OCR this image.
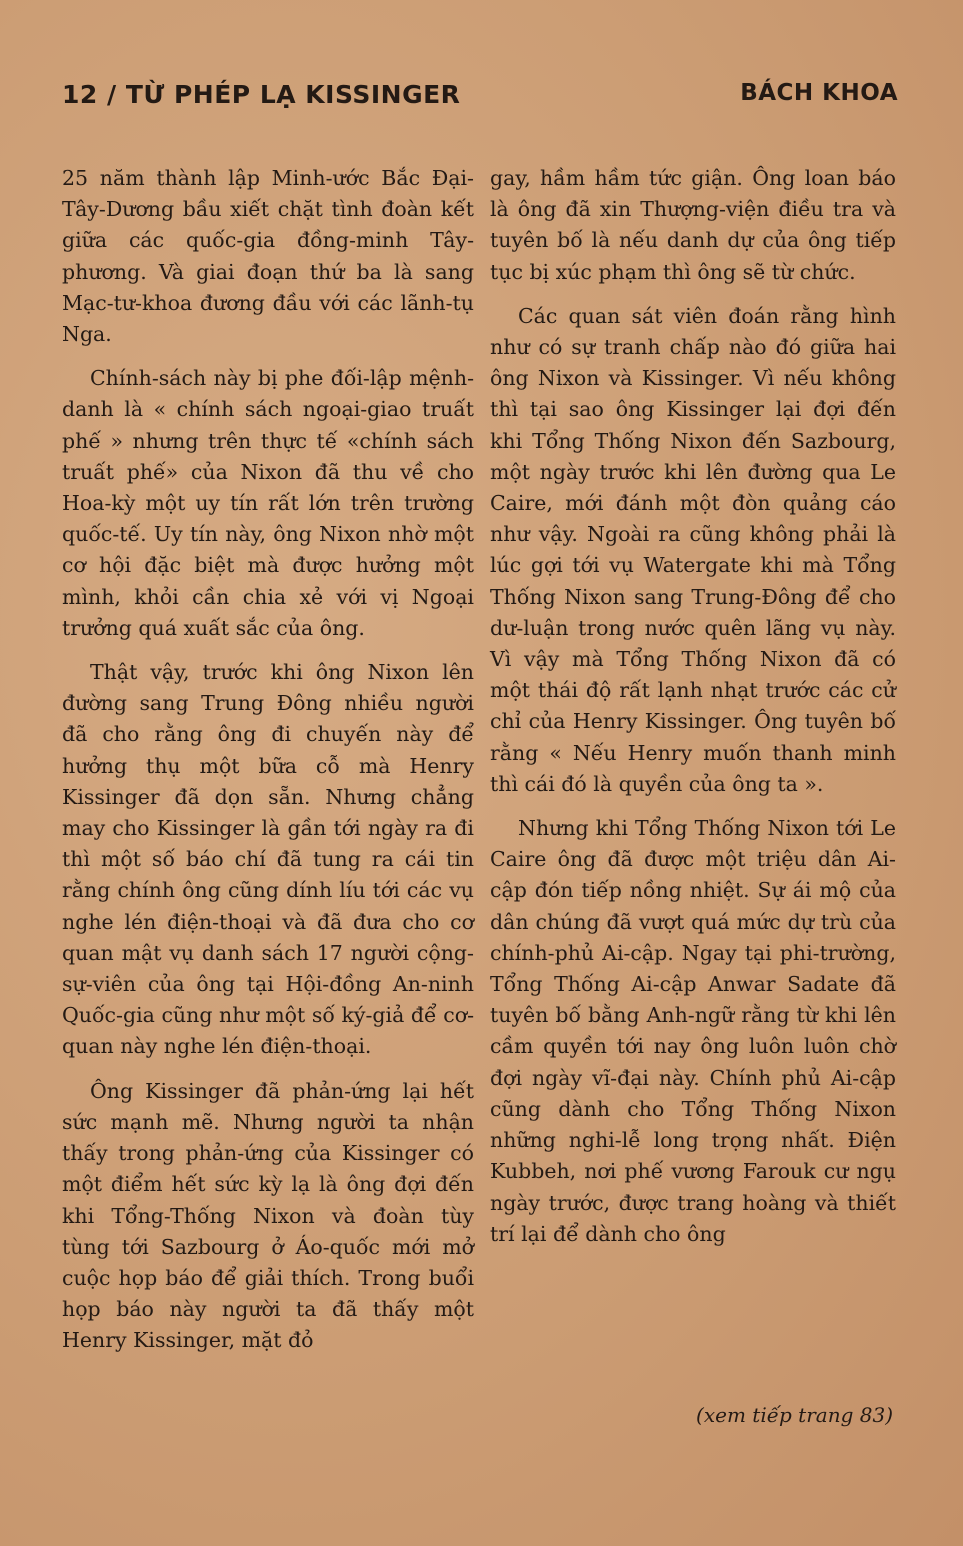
12 / TỪ PHÉP LẠ KISSINGER	BÁCH KHOA

25 năm thành lập Minh-ước Bắc Đại-Tây-Dương bầu xiết chặt tình đoàn kết giữa các quốc-gia đồng-minh Tây-phương. Và giai đoạn thứ ba là sang Mạc-tư-khoa đương đầu với các lãnh-tụ Nga.

Chính-sách này bị phe đối-lập mệnh-danh là « chính sách ngoại-giao truất phế » nhưng trên thực tế «chính sách truất phế» của Nixon đã thu về cho Hoa-kỳ một uy tín rất lớn trên trường quốc-tế. Uy tín này, ông Nixon nhờ một cơ hội đặc biệt mà được hưởng một mình, khỏi cần chia xẻ với vị Ngoại trưởng quá xuất sắc của ông.

Thật vậy, trước khi ông Nixon lên đường sang Trung Đông nhiều người đã cho rằng ông đi chuyến này để hưởng thụ một bữa cỗ mà Henry Kissinger đã dọn sẵn. Nhưng chẳng may cho Kissinger là gần tới ngày ra đi thì một số báo chí đã tung ra cái tin rằng chính ông cũng dính líu tới các vụ nghe lén điện-thoại và đã đưa cho cơ quan mật vụ danh sách 17 người cộng-sự-viên của ông tại Hội-đồng An-ninh Quốc-gia cũng như một số ký-giả để cơ-quan này nghe lén điện-thoại.

Ông Kissinger đã phản-ứng lại hết sức mạnh mẽ. Nhưng người ta nhận thấy trong phản-ứng của Kissinger có một điểm hết sức kỳ lạ là ông đợi đến khi Tổng-Thống Nixon và đoàn tùy tùng tới Sazbourg ở Áo-quốc mới mở cuộc họp báo để giải thích. Trong buổi họp báo này người ta đã thấy một Henry Kissinger, mặt đỏ

gay, hầm hầm tức giận. Ông loan báo là ông đã xin Thượng-viện điều tra và tuyên bố là nếu danh dự của ông tiếp tục bị xúc phạm thì ông sẽ từ chức.

Các quan sát viên đoán rằng hình như có sự tranh chấp nào đó giữa hai ông Nixon và Kissinger. Vì nếu không thì tại sao ông Kissinger lại đợi đến khi Tổng Thống Nixon đến Sazbourg, một ngày trước khi lên đường qua Le Caire, mới đánh một đòn quảng cáo như vậy. Ngoài ra cũng không phải là lúc gợi tới vụ Watergate khi mà Tổng Thống Nixon sang Trung-Đông để cho dư-luận trong nước quên lãng vụ này. Vì vậy mà Tổng Thống Nixon đã có một thái độ rất lạnh nhạt trước các cử chỉ của Henry Kissinger. Ông tuyên bố rằng « Nếu Henry muốn thanh minh thì cái đó là quyền của ông ta ».

Nhưng khi Tổng Thống Nixon tới Le Caire ông đã được một triệu dân Ai-cập đón tiếp nồng nhiệt. Sự ái mộ của dân chúng đã vượt quá mức dự trù của chính-phủ Ai-cập. Ngay tại phi-trường, Tổng Thống Ai-cập Anwar Sadate đã tuyên bố bằng Anh-ngữ rằng từ khi lên cầm quyền tới nay ông luôn luôn chờ đợi ngày vĩ-đại này. Chính phủ Ai-cập cũng dành cho Tổng Thống Nixon những nghi-lễ long trọng nhất. Điện Kubbeh, nơi phế vương Farouk cư ngụ ngày trước, được trang hoàng và thiết trí lại để dành cho ông

(xem tiếp trang 83)
